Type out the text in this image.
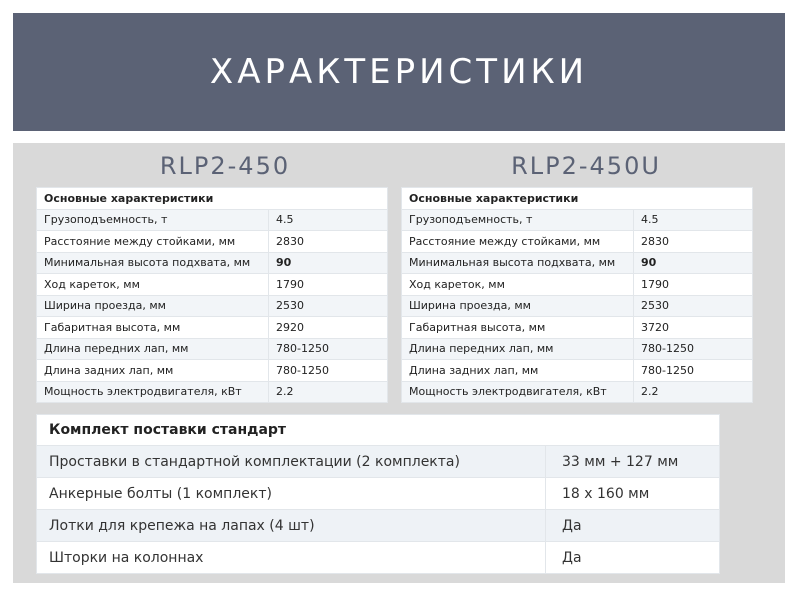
ХАРАКТЕРИСТИКИ
RLP2-450	RLP2-450U
Основные характеристики	
Грузоподъемность, т	4.5
Расстояние между стойками, мм	2830
Минимальная высота подхвата, мм	90
Ход кареток, мм	1790
Ширина проезда, мм	2530
Габаритная высота, мм	2920
Длина передних лап, мм	780-1250
Длина задних лап, мм	780-1250
Мощность электродвигателя, кВт	2.2
Основные характеристики	
Грузоподъемность, т	4.5
Расстояние между стойками, мм	2830
Минимальная высота подхвата, мм	90
Ход кареток, мм	1790
Ширина проезда, мм	2530
Габаритная высота, мм	3720
Длина передних лап, мм	780-1250
Длина задних лап, мм	780-1250
Мощность электродвигателя, кВт	2.2
Комплект поставки стандарт	
Проставки в стандартной комплектации (2 комплекта)	33 мм + 127 мм
Анкерные болты (1 комплект)	18 х 160 мм
Лотки для крепежа на лапах (4 шт)	Да
Шторки на колоннах	Да
